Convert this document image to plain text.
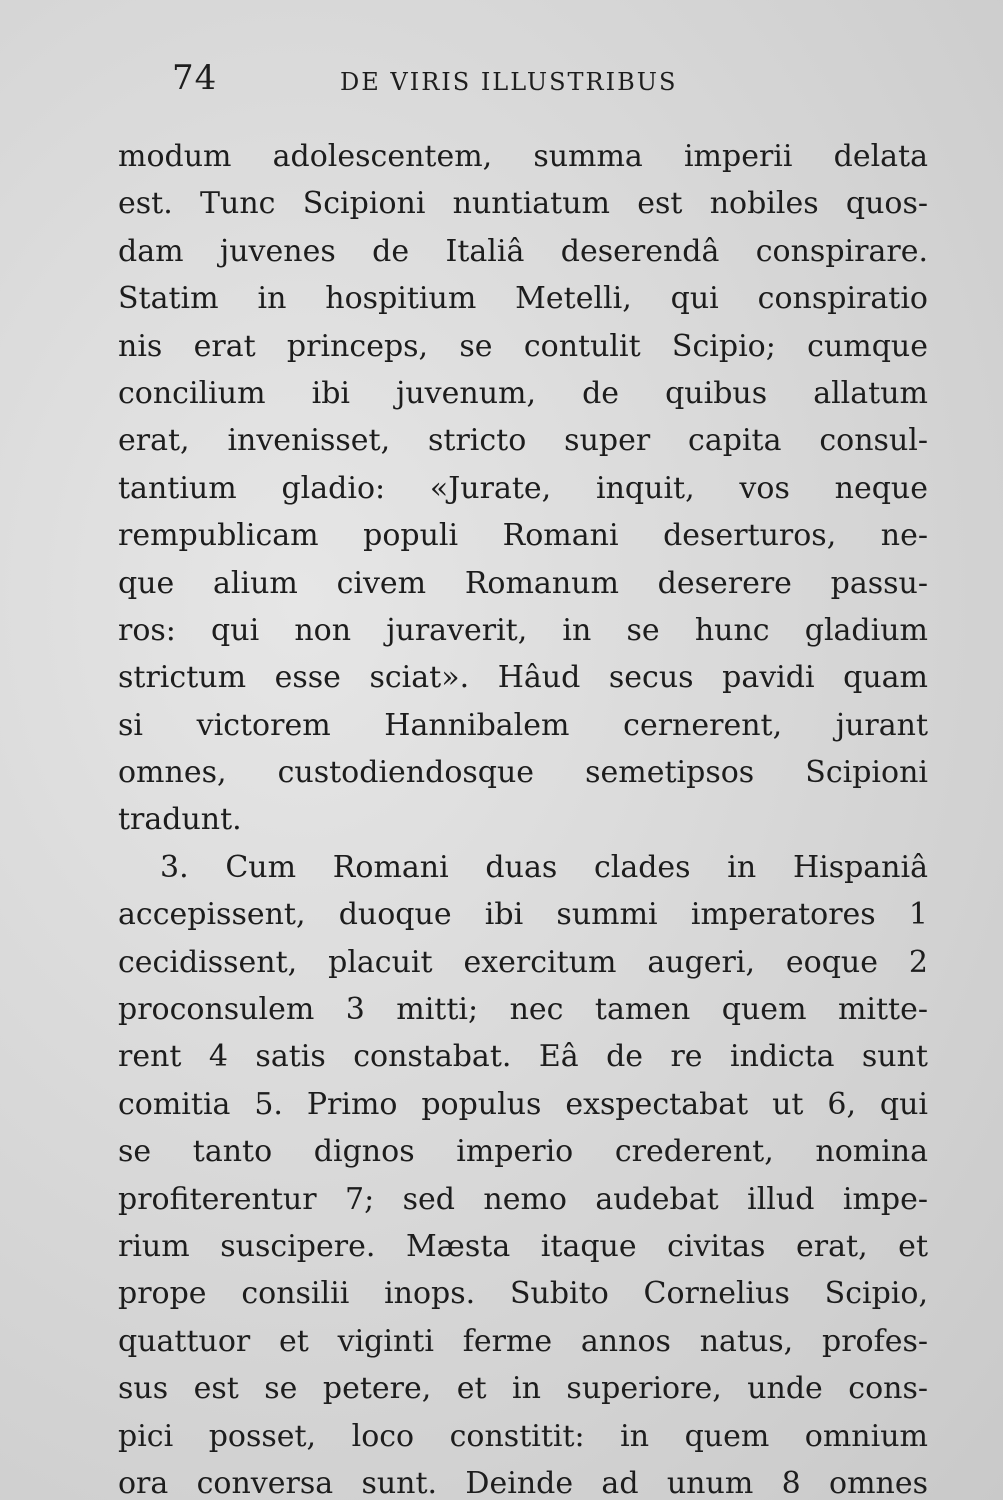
74	DE VIRIS ILLUSTRIBUS
modum adolescentem, summa imperii delata
est. Tunc Scipioni nuntiatum est nobiles quos-
dam juvenes de Italiâ deserendâ conspirare.
Statim in hospitium Metelli, qui conspiratio
nis erat princeps, se contulit Scipio; cumque
concilium ibi juvenum, de quibus allatum
erat, invenisset, stricto super capita consul-
tantium gladio: «Jurate, inquit, vos neque
rempublicam populi Romani deserturos, ne-
que alium civem Romanum deserere passu-
ros: qui non juraverit, in se hunc gladium
strictum esse sciat». Hâud secus pavidi quam
si victorem Hannibalem cernerent, jurant
omnes, custodiendosque semetipsos Scipioni
tradunt.
3. Cum Romani duas clades in Hispaniâ
accepissent, duoque ibi summi imperatores 1
cecidissent, placuit exercitum augeri, eoque 2
proconsulem 3 mitti; nec tamen quem mitte-
rent 4 satis constabat. Eâ de re indicta sunt
comitia 5. Primo populus exspectabat ut 6, qui
se tanto dignos imperio crederent, nomina
profiterentur 7; sed nemo audebat illud impe-
rium suscipere. Mæsta itaque civitas erat, et
prope consilii inops. Subito Cornelius Scipio,
quattuor et viginti ferme annos natus, profes-
sus est se petere, et in superiore, unde cons-
pici posset, loco constitit: in quem omnium
ora conversa sunt. Deinde ad unum 8 omnes
